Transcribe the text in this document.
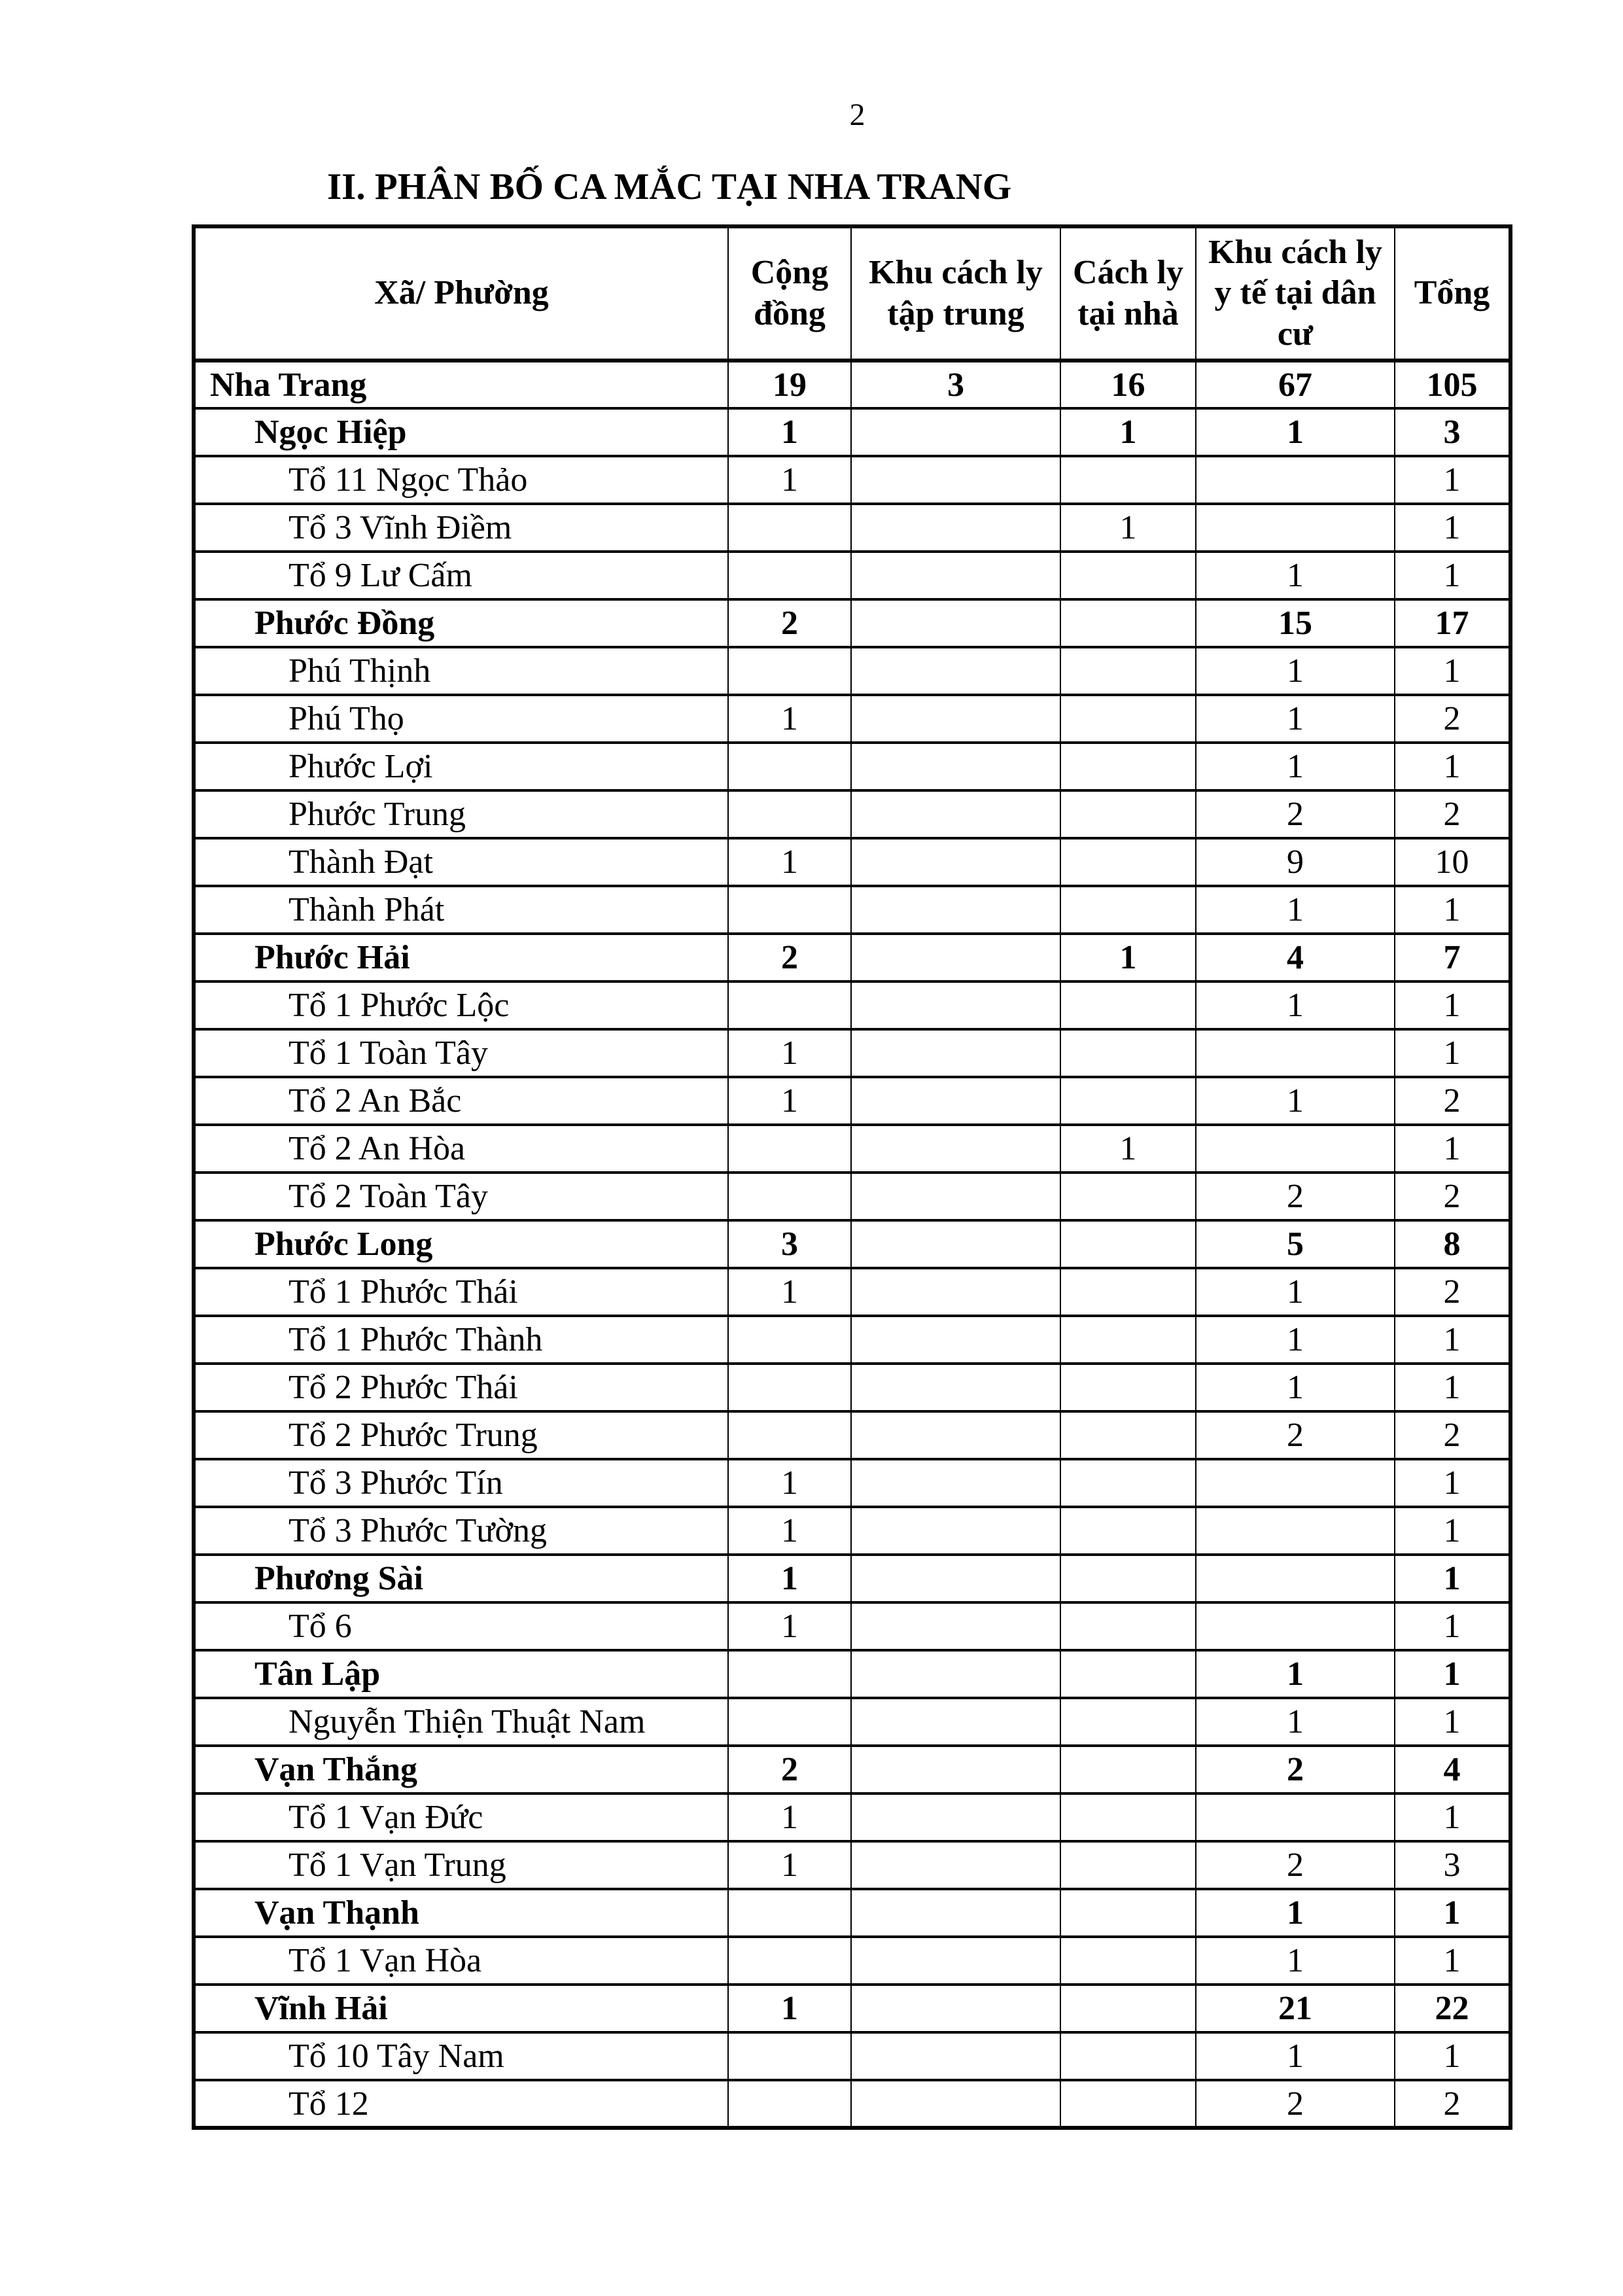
2
II. PHÂN BỐ CA MẮC TẠI NHA TRANG
Xã/ Phường	Cộng đồng	Khu cách ly tập trung	Cách ly tại nhà	Khu cách ly y tế tại dân cư	Tổng
Nha Trang	19	3	16	67	105
Ngọc Hiệp	1		1	1	3
Tổ 11 Ngọc Thảo	1				1
Tổ 3 Vĩnh Điềm			1		1
Tổ 9 Lư Cấm				1	1
Phước Đồng	2			15	17
Phú Thịnh				1	1
Phú Thọ	1			1	2
Phước Lợi				1	1
Phước Trung				2	2
Thành Đạt	1			9	10
Thành Phát				1	1
Phước Hải	2		1	4	7
Tổ 1 Phước Lộc				1	1
Tổ 1 Toàn Tây	1				1
Tổ 2 An Bắc	1			1	2
Tổ 2 An Hòa			1		1
Tổ 2 Toàn Tây				2	2
Phước Long	3			5	8
Tổ 1 Phước Thái	1			1	2
Tổ 1 Phước Thành				1	1
Tổ 2 Phước Thái				1	1
Tổ 2 Phước Trung				2	2
Tổ 3 Phước Tín	1				1
Tổ 3 Phước Tường	1				1
Phương Sài	1				1
Tổ 6	1				1
Tân Lập				1	1
Nguyễn Thiện Thuật Nam				1	1
Vạn Thắng	2			2	4
Tổ 1 Vạn Đức	1				1
Tổ 1 Vạn Trung	1			2	3
Vạn Thạnh				1	1
Tổ 1 Vạn Hòa				1	1
Vĩnh Hải	1			21	22
Tổ 10 Tây Nam				1	1
Tổ 12				2	2
